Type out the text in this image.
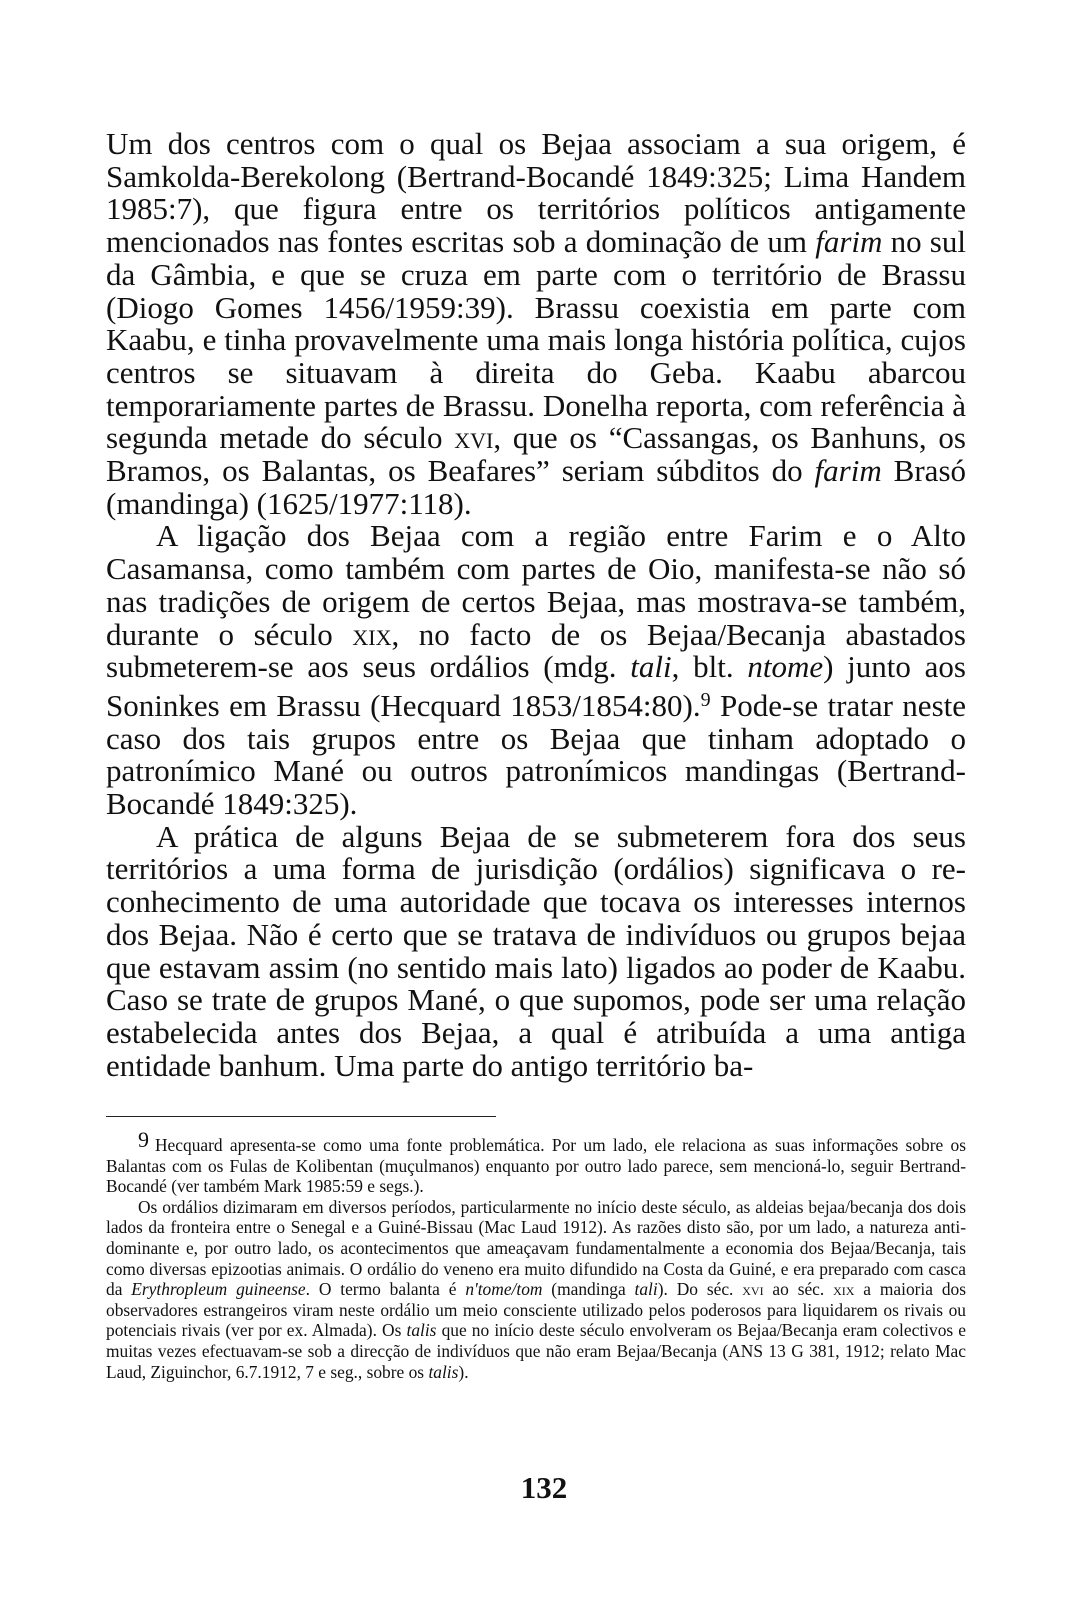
Um dos centros com o qual os Bejaa associam a sua origem, é Samkolda-Berekolong (Bertrand-Bocandé 1849:325; Lima Handem 1985:7), que figura entre os territórios políticos antigamente mencionados nas fontes escritas sob a dominação de um farim no sul da Gâmbia, e que se cruza em parte com o território de Brassu (Diogo Gomes 1456/1959:39). Brassu coexistia em parte com Kaabu, e tinha provavelmente uma mais longa história política, cujos centros se situavam à direita do Geba. Kaabu abarcou temporariamente partes de Brassu. Donelha reporta, com referência à segunda metade do século xvi, que os “Cassangas, os Banhuns, os Bramos, os Balantas, os Beafares” seriam súbditos do farim Brasó (mandinga) (1625/1977:118).

A ligação dos Bejaa com a região entre Farim e o Alto Casamansa, como também com partes de Oio, manifesta-se não só nas tradições de origem de certos Bejaa, mas mostrava-se também, durante o século xix, no facto de os Bejaa/Becanja abastados submeterem-se aos seus ordálios (mdg. tali, blt. ntome) junto aos Soninkes em Brassu (Hecquard 1853/1854:80).$^9$ Pode-se tratar neste caso dos tais grupos entre os Bejaa que tinham adoptado o patronímico Mané ou outros patronímicos mandingas (Bertrand-Bocandé 1849:325).

A prática de alguns Bejaa de se submeterem fora dos seus territórios a uma forma de jurisdição (ordálios) significava o reconhecimento de uma autoridade que tocava os interesses internos dos Bejaa. Não é certo que se tratava de indivíduos ou grupos bejaa que estavam assim (no sentido mais lato) ligados ao poder de Kaabu. Caso se trate de grupos Mané, o que supomos, pode ser uma relação estabelecida antes dos Bejaa, a qual é atribuída a uma antiga entidade banhum. Uma parte do antigo território ba-

9 Hecquard apresenta-se como uma fonte problemática. Por um lado, ele relaciona as suas informações sobre os Balantas com os Fulas de Kolibentan (muçulmanos) enquanto por outro lado parece, sem mencioná-lo, seguir Bertrand-Bocandé (ver também Mark 1985:59 e segs.).

Os ordálios dizimaram em diversos períodos, particularmente no início deste século, as aldeias bejaa/becanja dos dois lados da fronteira entre o Senegal e a Guiné-Bissau (Mac Laud 1912). As razões disto são, por um lado, a natureza anti-dominante e, por outro lado, os acontecimentos que ameaçavam fundamentalmente a economia dos Bejaa/Becanja, tais como diversas epizootias animais. O ordálio do veneno era muito difundido na Costa da Guiné, e era preparado com casca da Erythropleum guineense. O termo balanta é n'tome/tom (mandinga tali). Do séc. xvi ao séc. xix a maioria dos observadores estrangeiros viram neste ordálio um meio consciente utilizado pelos poderosos para liquidarem os rivais ou potenciais rivais (ver por ex. Almada). Os talis que no início deste século envolveram os Bejaa/Becanja eram colectivos e muitas vezes efectuavam-se sob a direcção de indivíduos que não eram Bejaa/Becanja (ANS 13 G 381, 1912; relato Mac Laud, Ziguinchor, 6.7.1912, 7 e seg., sobre os talis).

132
